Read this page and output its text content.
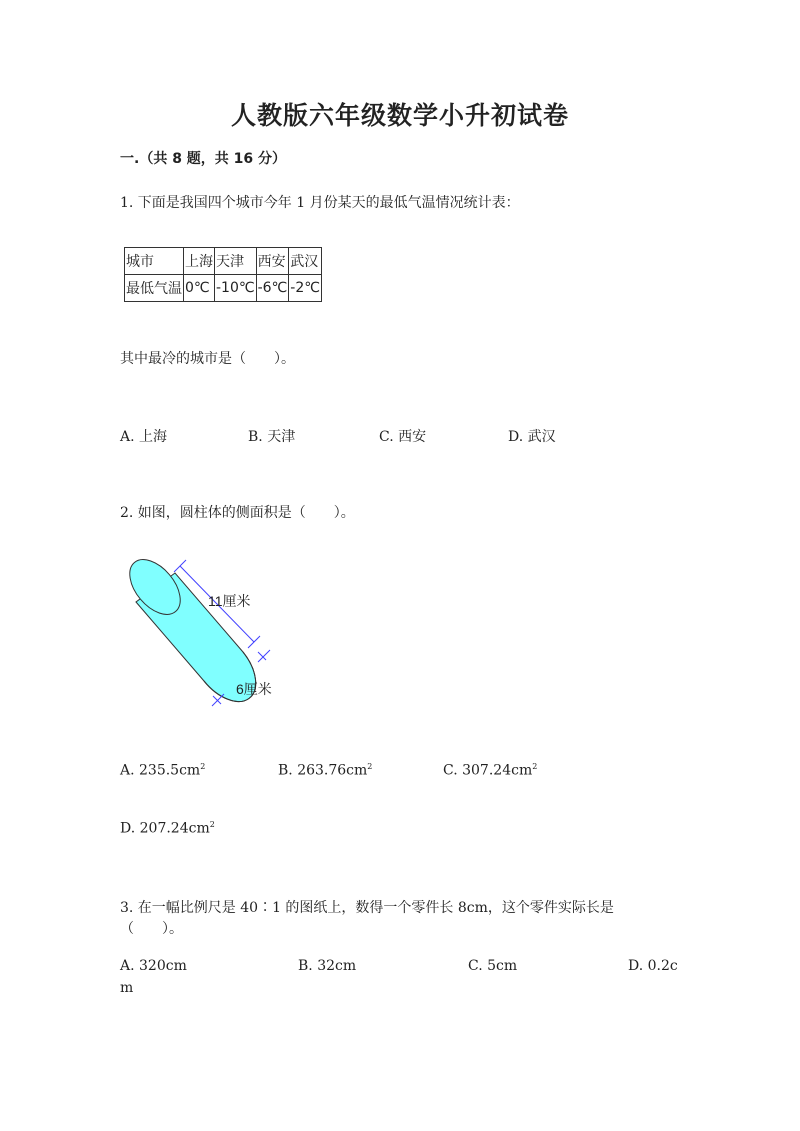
人教版六年级数学小升初试卷
一.（共 8 题，共 16 分）
1. 下面是我国四个城市今年 1 月份某天的最低气温情况统计表：
城市	上海	天津	西安	武汉
最低气温	0℃	-10℃	-6℃	-2℃
其中最冷的城市是（　　）。
A. 上海	B. 天津	C. 西安	D. 武汉
2. 如图，圆柱体的侧面积是（　　）。
11厘米
6厘米
A. $235.5cm^2$	B. $263.76cm^2$	C. $307.24cm^2$
D. $207.24cm^2$
3. 在一幅比例尺是 40∶1 的图纸上，数得一个零件长 8cm，这个零件实际长是
（　　）。
A. 320cm	B. 32cm	C. 5cm	D. 0.2c
m
